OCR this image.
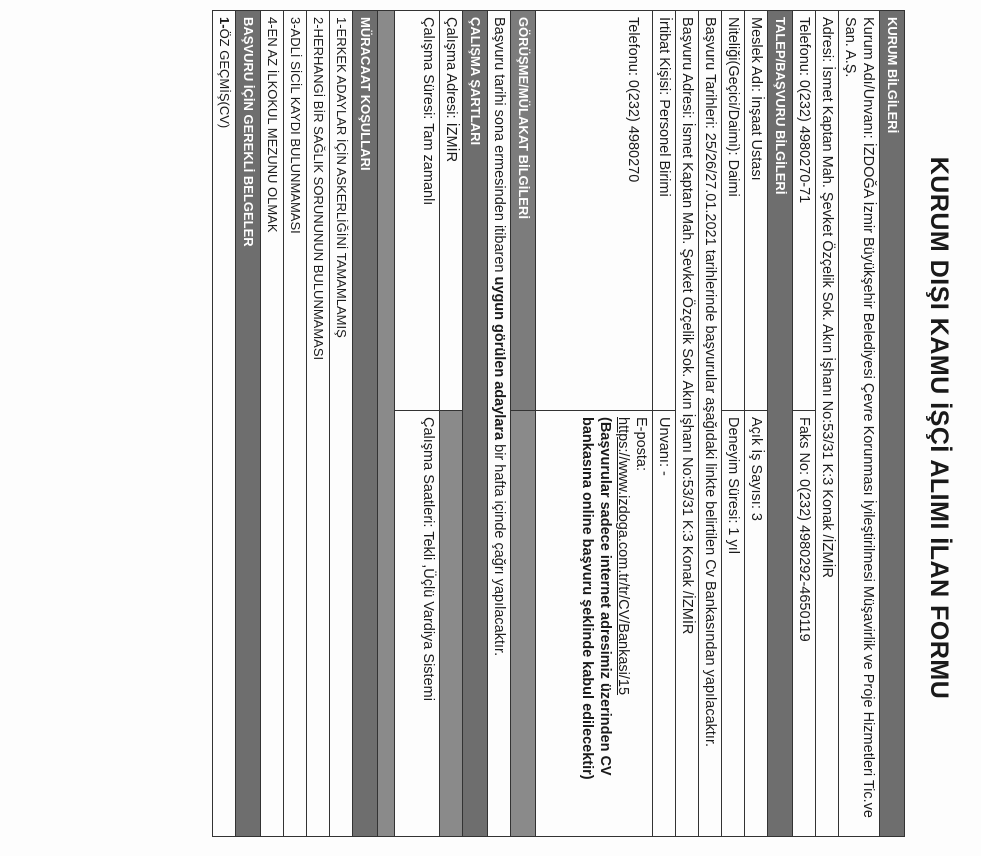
KURUM DIŞI KAMU İŞÇİ ALIMI İLAN FORMU
KURUM BİLGİLERİ	
Kurum Adı/Unvanı: İZDOĞA İzmir Büyükşehir Belediyesi Çevre Korunması İyileştirilmesi Müşavirlik ve Proje Hizmetleri Tic.ve San. A.Ş.	
Adresi: İsmet Kaptan Mah. Şevket Özçelik Sok. Akın İşhanı No:53/31 K:3 Konak /İZMİR	
Telefonu: 0(232) 4980270-71	Faks No: 0(232) 4980292-4650119
TALEP/BAŞVURU BİLGİLERİ	
Meslek Adı: İnşaat Ustası	Açık İş Sayısı: 3
Niteliği(Geçici/Daimi): Daimi	Deneyim Süresi: 1 yıl
Başvuru Tarihleri: 25/26/27.01.2021 tarihlerinde başvurular aşağıdaki linkte belirtilen Cv Bankasından yapılacaktır.	
Başvuru Adresi: İsmet Kaptan Mah. Şevket Özçelik Sok. Akın İşhanı No:53/31 K:3 Konak /İZMİR	
İrtibat Kişisi: Personel Birimi	Unvanı: -

Telefonu: 0(232) 4980270	E-posta:
https://www.izdoga.com.tr/tr/CV/Bankasi/15
(Başvurular sadece internet adresimiz üzerinden CV bankasına online başvuru şeklinde kabul edilecektir)

GÖRÜŞME/MÜLAKAT BİLGİLERİ	
Başvuru tarihi sona ermesinden itibaren uygun görülen adaylara bir hafta içinde çağrı yapılacaktır.	
ÇALIŞMA ŞARTLARI	
Çalışma Adresi: İZMİR	
Çalışma Süresi: Tam zamanlı	Çalışma Saatleri: Tekli ,Üçlü Vardiya Sistemi

MÜRACAAT KOŞULLARI	
1-ERKEK ADAYLAR İÇİN ASKERLİĞİNİ TAMAMLAMIŞ	
2-HERHANGİ BİR SAĞLIK SORUNUNUN BULUNMAMASI	
3-ADLİ SİCİL KAYDI BULUNMAMASI	
4-EN AZ İLKOKUL MEZUNU OLMAK	
BAŞVURU İÇİN GEREKLİ BELGELER	
1-ÖZ GEÇMİŞ(CV)	
